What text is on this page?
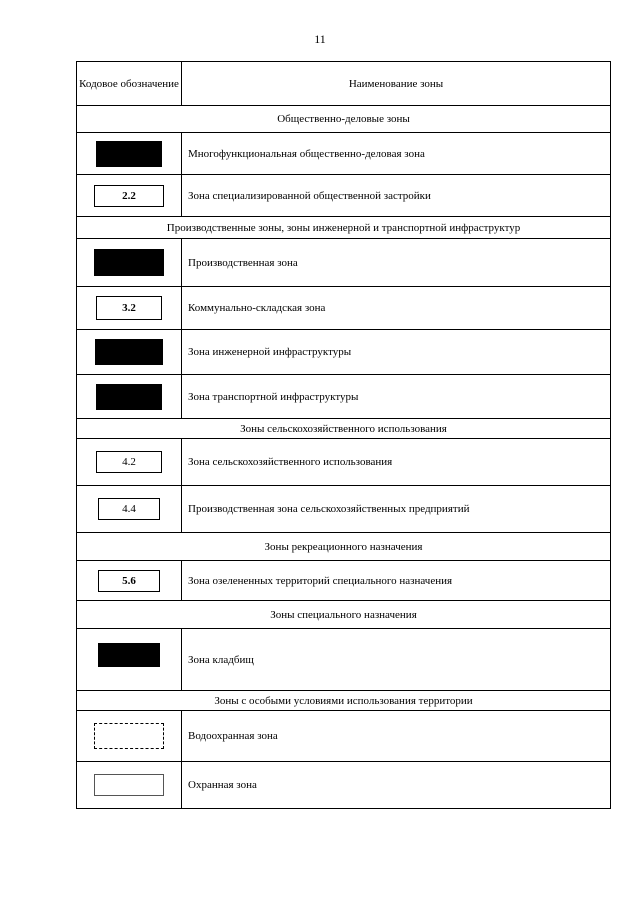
11
Кодовое обозначение	Наименование зоны
Общественно-деловые зоны	
	Многофункциональная общественно-деловая зона
2.2	Зона специализированной общественной застройки
Производственные зоны, зоны инженерной и транспортной инфраструктур	
	Производственная зона
3.2	Коммунально-складская зона
	Зона инженерной инфраструктуры
	Зона транспортной инфраструктуры
Зоны сельскохозяйственного использования	
4.2	Зона сельскохозяйственного использования
4.4	Производственная зона сельскохозяйственных предприятий
Зоны рекреационного назначения	
5.6	Зона озелененных территорий специального назначения
Зоны специального назначения	
	Зона кладбищ
Зоны с особыми условиями использования территории	
	Водоохранная зона
	Охранная зона
